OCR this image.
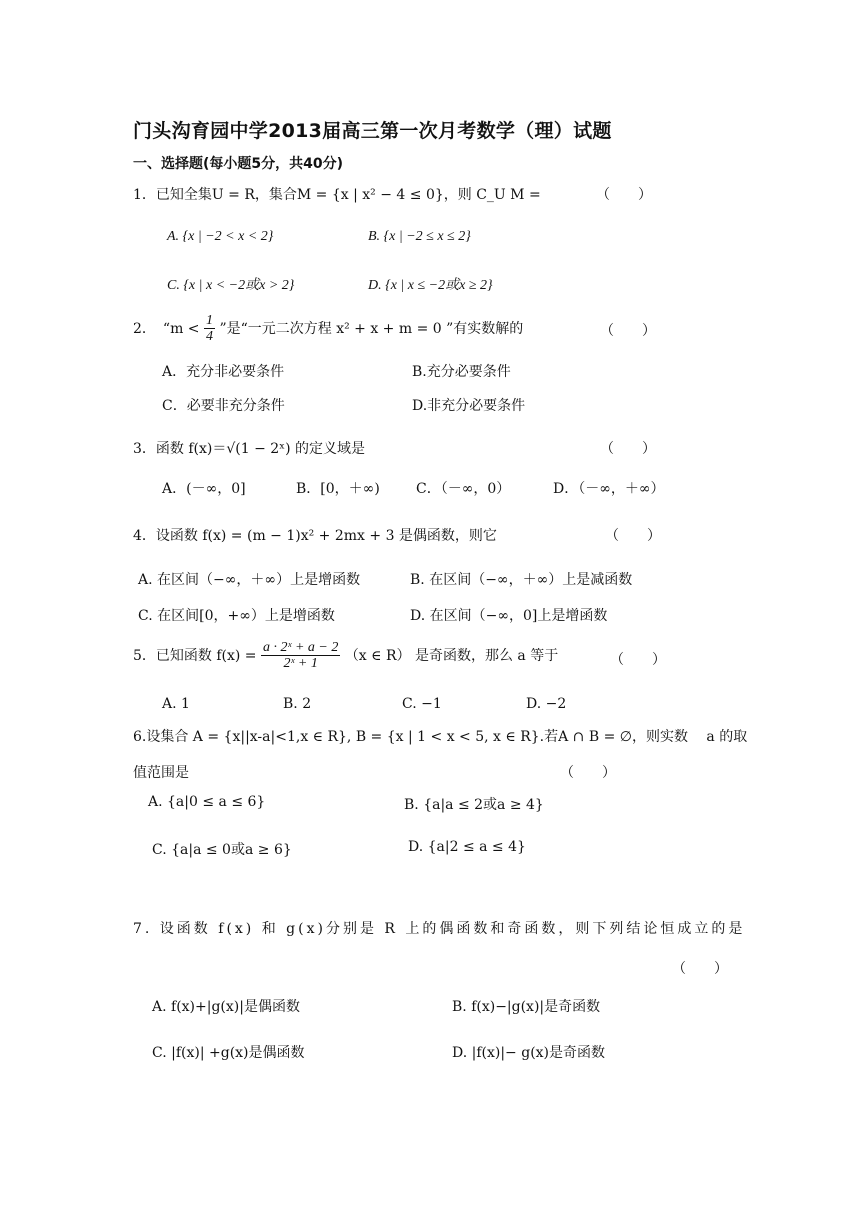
门头沟育园中学2013届高三第一次月考数学（理）试题
一、选择题(每小题5分，共40分)
1．已知全集U = R，集合M = {x | x² − 4 ≤ 0}，则 C_U M =	（　　）
A. {x | −2 < x < 2}	B. {x | −2 ≤ x ≤ 2}
C. {x | x < −2或x > 2}	D. {x | x ≤ −2或x ≥ 2}
2．　“$m < \frac{1}{4}$ ”是“一元二次方程 x² + x + m = 0 ”有实数解的	（　　）
A．充分非必要条件	B.充分必要条件
C．必要非充分条件	D.非充分必要条件
3．函数 f(x)＝√(1 − 2ˣ) 的定义域是	（　　）
A．(－∞，0]	B．[0，＋∞)	C．（－∞，0）	D．（－∞，＋∞）
4．设函数 f(x) = (m − 1)x² + 2mx + 3 是偶函数，则它	（　　）
A. 在区间（−∞，＋∞）上是增函数	B. 在区间（−∞，＋∞）上是减函数
C. 在区间[0，+∞）上是增函数	D. 在区间（−∞，0]上是增函数
5．已知函数 $f(x) = \frac{\text{a · 2ˣ + a − 2}}{\text{2ˣ + 1}} (x$ ∈ R） 是奇函数，那么 a 等于	（　　）
A. 1	B. 2	C. −1	D. −2
6.设集合 A = {x||x-a|<1,x ∈ R}, B = {x | 1 < x < 5, x ∈ R}.若A ∩ B = ∅，则实数　 a 的取
值范围是	（　　）
A. {a|0 ≤ a ≤ 6}	B. {a|a ≤ 2或a ≥ 4}
C. {a|a ≤ 0或a ≥ 6}	D. {a|2 ≤ a ≤ 4}
7. 设函数 f(x) 和 g(x)分别是 R 上的偶函数和奇函数，则下列结论恒成立的是
（　　）
A. f(x)+|g(x)|是偶函数	B. f(x)−|g(x)|是奇函数
C. |f(x)| +g(x)是偶函数	D. |f(x)|− g(x)是奇函数
